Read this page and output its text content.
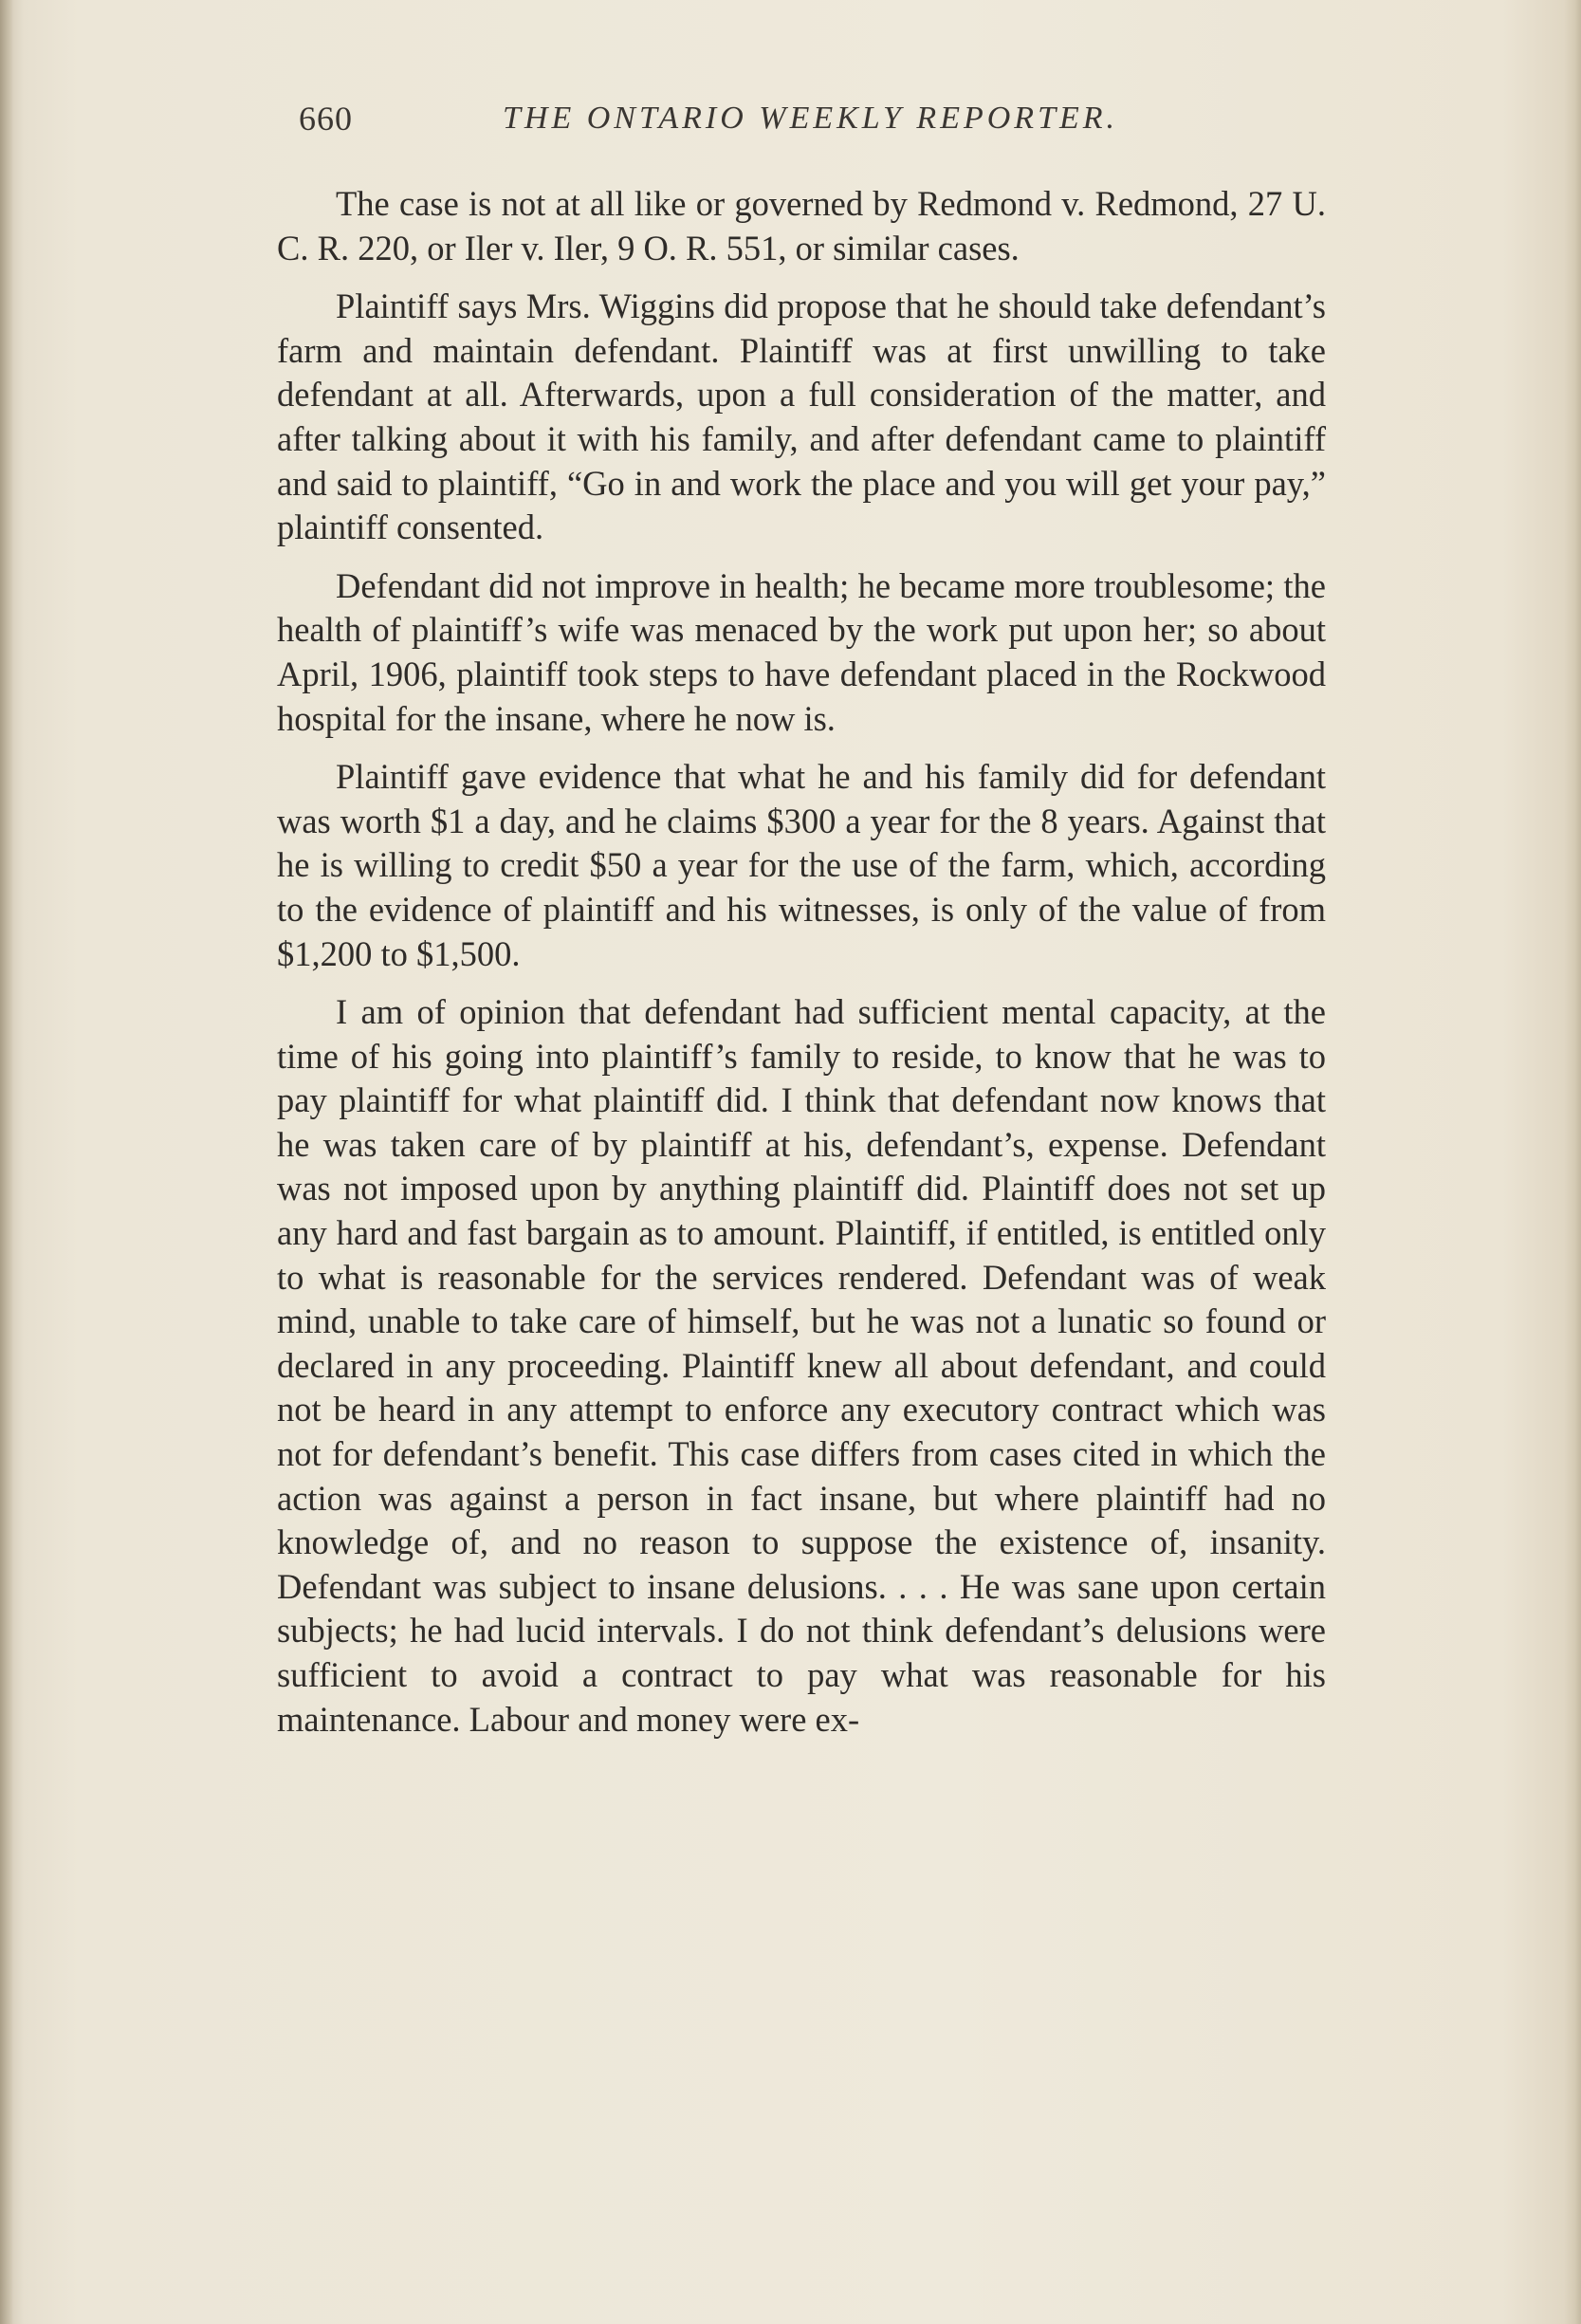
660	THE ONTARIO WEEKLY REPORTER.

The case is not at all like or governed by Redmond v. Redmond, 27 U. C. R. 220, or Iler v. Iler, 9 O. R. 551, or similar cases.

Plaintiff says Mrs. Wiggins did propose that he should take defendant’s farm and maintain defendant. Plaintiff was at first unwilling to take defendant at all. Afterwards, upon a full consideration of the matter, and after talking about it with his family, and after defendant came to plaintiff and said to plaintiff, “Go in and work the place and you will get your pay,” plaintiff consented.

Defendant did not improve in health; he became more troublesome; the health of plaintiff’s wife was menaced by the work put upon her; so about April, 1906, plaintiff took steps to have defendant placed in the Rockwood hospital for the insane, where he now is.

Plaintiff gave evidence that what he and his family did for defendant was worth $1 a day, and he claims $300 a year for the 8 years. Against that he is willing to credit $50 a year for the use of the farm, which, according to the evidence of plaintiff and his witnesses, is only of the value of from $1,200 to $1,500.

I am of opinion that defendant had sufficient mental capacity, at the time of his going into plaintiff’s family to reside, to know that he was to pay plaintiff for what plaintiff did. I think that defendant now knows that he was taken care of by plaintiff at his, defendant’s, expense. Defendant was not imposed upon by anything plaintiff did. Plaintiff does not set up any hard and fast bargain as to amount. Plaintiff, if entitled, is entitled only to what is reasonable for the services rendered. Defendant was of weak mind, unable to take care of himself, but he was not a lunatic so found or declared in any proceeding. Plaintiff knew all about defendant, and could not be heard in any attempt to enforce any executory contract which was not for defendant’s benefit. This case differs from cases cited in which the action was against a person in fact insane, but where plaintiff had no knowledge of, and no reason to suppose the existence of, insanity. Defendant was subject to insane delusions. . . . He was sane upon certain subjects; he had lucid intervals. I do not think defendant’s delusions were sufficient to avoid a contract to pay what was reasonable for his maintenance. Labour and money were ex-
